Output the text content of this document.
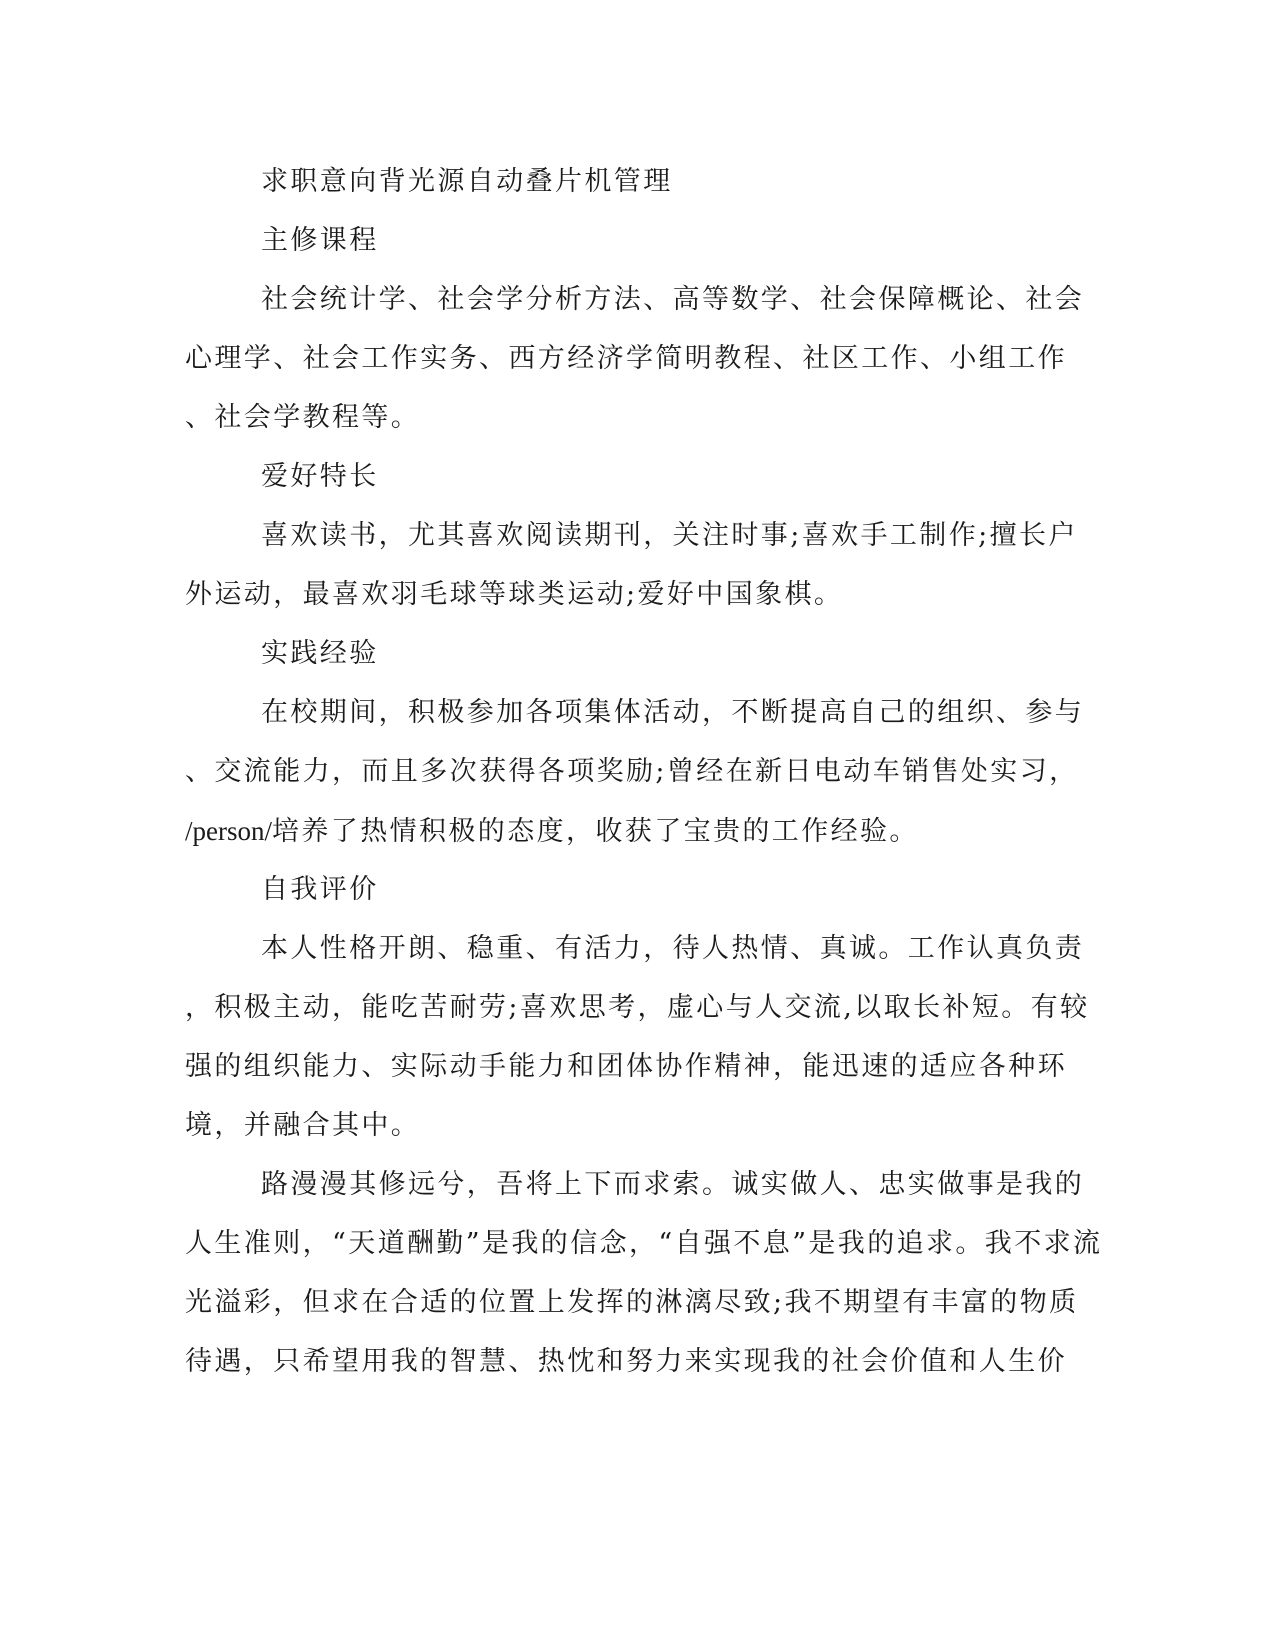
求职意向背光源自动叠片机管理
主修课程
社会统计学、社会学分析方法、高等数学、社会保障概论、社会
心理学、社会工作实务、西方经济学简明教程、社区工作、小组工作
、社会学教程等。
爱好特长
喜欢读书，尤其喜欢阅读期刊，关注时事;喜欢手工制作;擅长户
外运动，最喜欢羽毛球等球类运动;爱好中国象棋。
实践经验
在校期间，积极参加各项集体活动，不断提高自己的组织、参与
、交流能力，而且多次获得各项奖励;曾经在新日电动车销售处实习，
/person/培养了热情积极的态度，收获了宝贵的工作经验。
自我评价
本人性格开朗、稳重、有活力，待人热情、真诚。工作认真负责
，积极主动，能吃苦耐劳;喜欢思考，虚心与人交流,以取长补短。有较
强的组织能力、实际动手能力和团体协作精神，能迅速的适应各种环
境，并融合其中。
路漫漫其修远兮，吾将上下而求索。诚实做人、忠实做事是我的
人生准则，“天道酬勤”是我的信念，“自强不息”是我的追求。我不求流
光溢彩，但求在合适的位置上发挥的淋漓尽致;我不期望有丰富的物质
待遇，只希望用我的智慧、热忱和努力来实现我的社会价值和人生价
